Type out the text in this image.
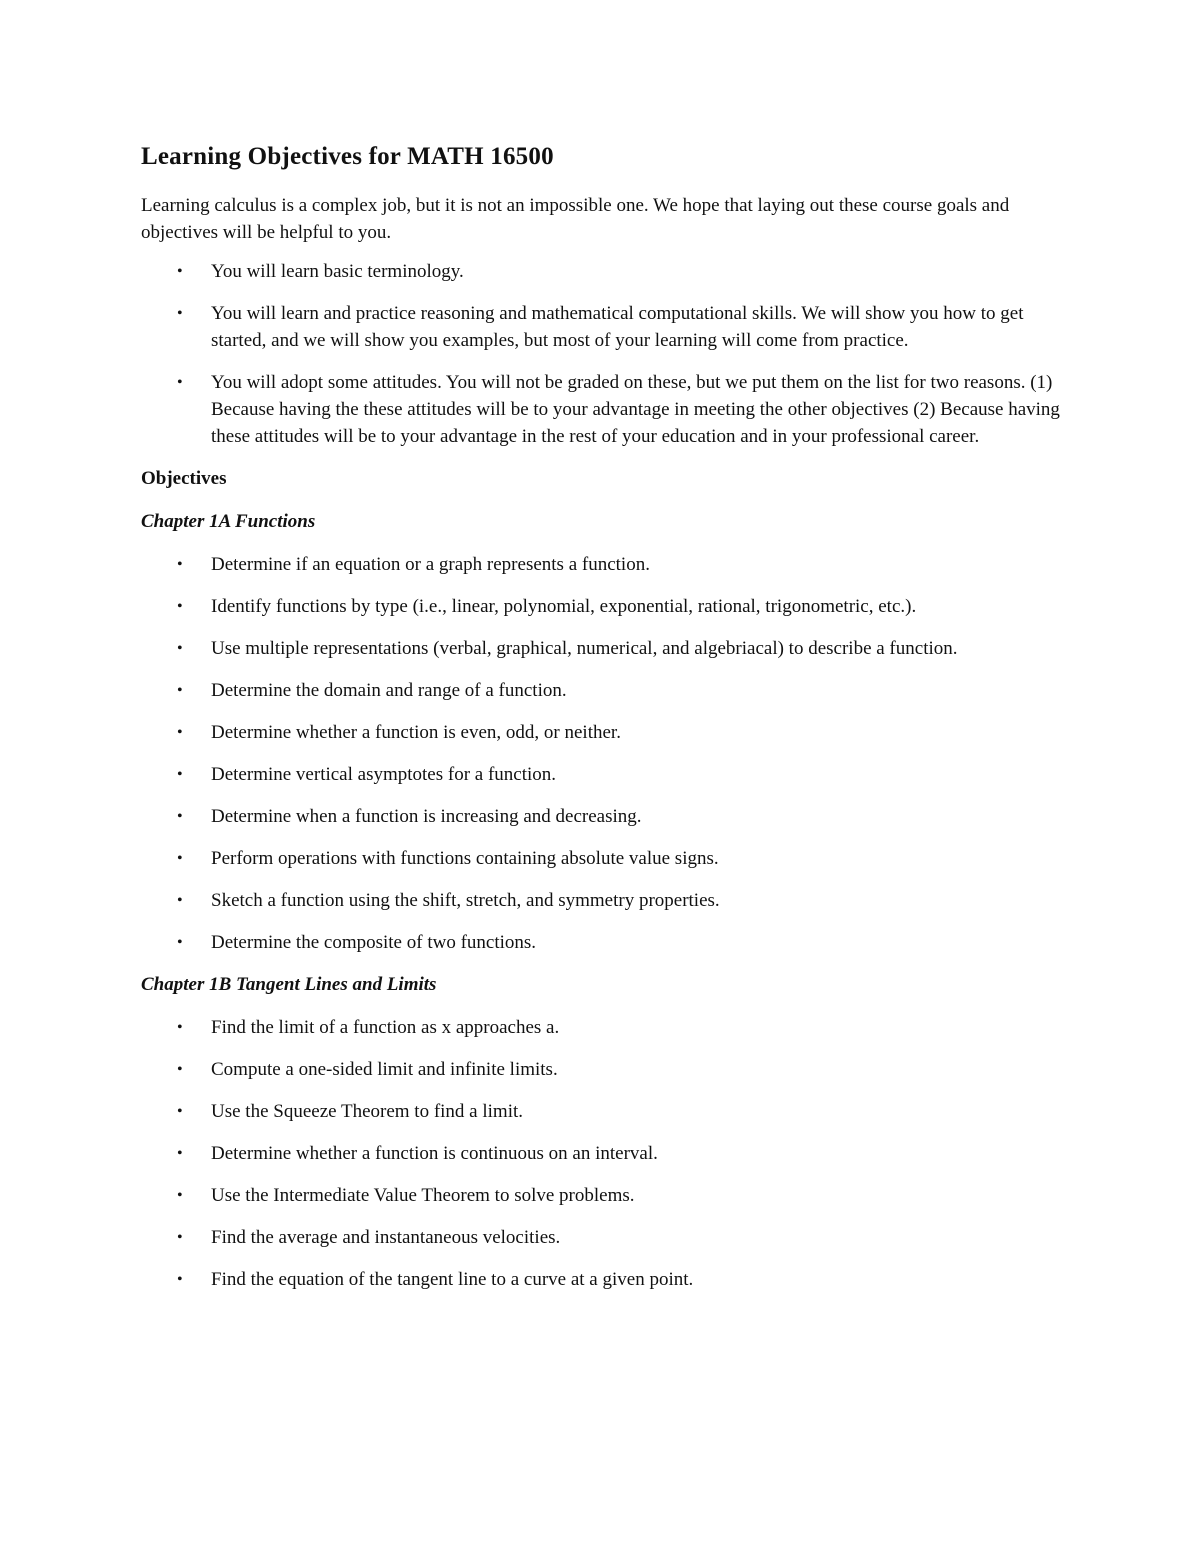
Learning Objectives for MATH 16500

Learning calculus is a complex job, but it is not an impossible one. We hope that laying out these course goals and objectives will be helpful to you.

• You will learn basic terminology.
• You will learn and practice reasoning and mathematical computational skills. We will show you how to get started, and we will show you examples, but most of your learning will come from practice.
• You will adopt some attitudes. You will not be graded on these, but we put them on the list for two reasons. (1) Because having the these attitudes will be to your advantage in meeting the other objectives (2) Because having these attitudes will be to your advantage in the rest of your education and in your professional career.
Objectives
Chapter 1A Functions
• Determine if an equation or a graph represents a function.
• Identify functions by type (i.e., linear, polynomial, exponential, rational, trigonometric, etc.).
• Use multiple representations (verbal, graphical, numerical, and algebriacal) to describe a function.
• Determine the domain and range of a function.
• Determine whether a function is even, odd, or neither.
• Determine vertical asymptotes for a function.
• Determine when a function is increasing and decreasing.
• Perform operations with functions containing absolute value signs.
• Sketch a function using the shift, stretch, and symmetry properties.
• Determine the composite of two functions.
Chapter 1B Tangent Lines and Limits
• Find the limit of a function as x approaches a.
• Compute a one-sided limit and infinite limits.
• Use the Squeeze Theorem to find a limit.
• Determine whether a function is continuous on an interval.
• Use the Intermediate Value Theorem to solve problems.
• Find the average and instantaneous velocities.
• Find the equation of the tangent line to a curve at a given point.
